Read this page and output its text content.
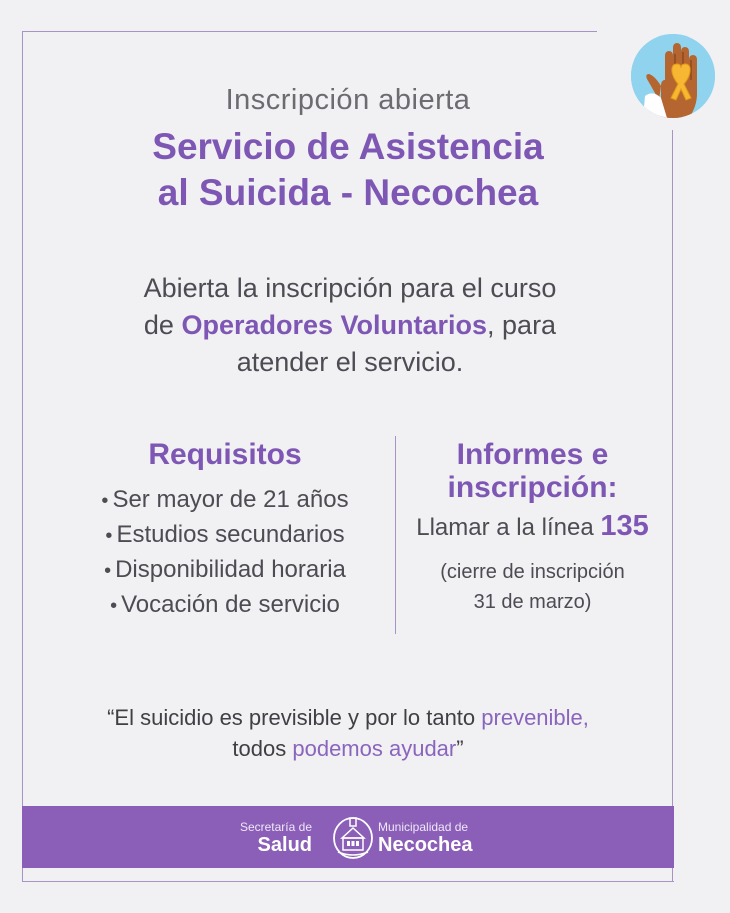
Inscripción abierta
Servicio de Asistencia
al Suicida - Necochea
Abierta la inscripción para el curso
de Operadores Voluntarios, para
atender el servicio.
Requisitos
• Ser mayor de 21 años
• Estudios secundarios
• Disponibilidad horaria
• Vocación de servicio
Informes e
inscripción:
Llamar a la línea 135
(cierre de inscripción
31 de marzo)
“El suicidio es previsible y por lo tanto prevenible,
todos podemos ayudar”
Secretaría de
Salud
Municipalidad de
Necochea
